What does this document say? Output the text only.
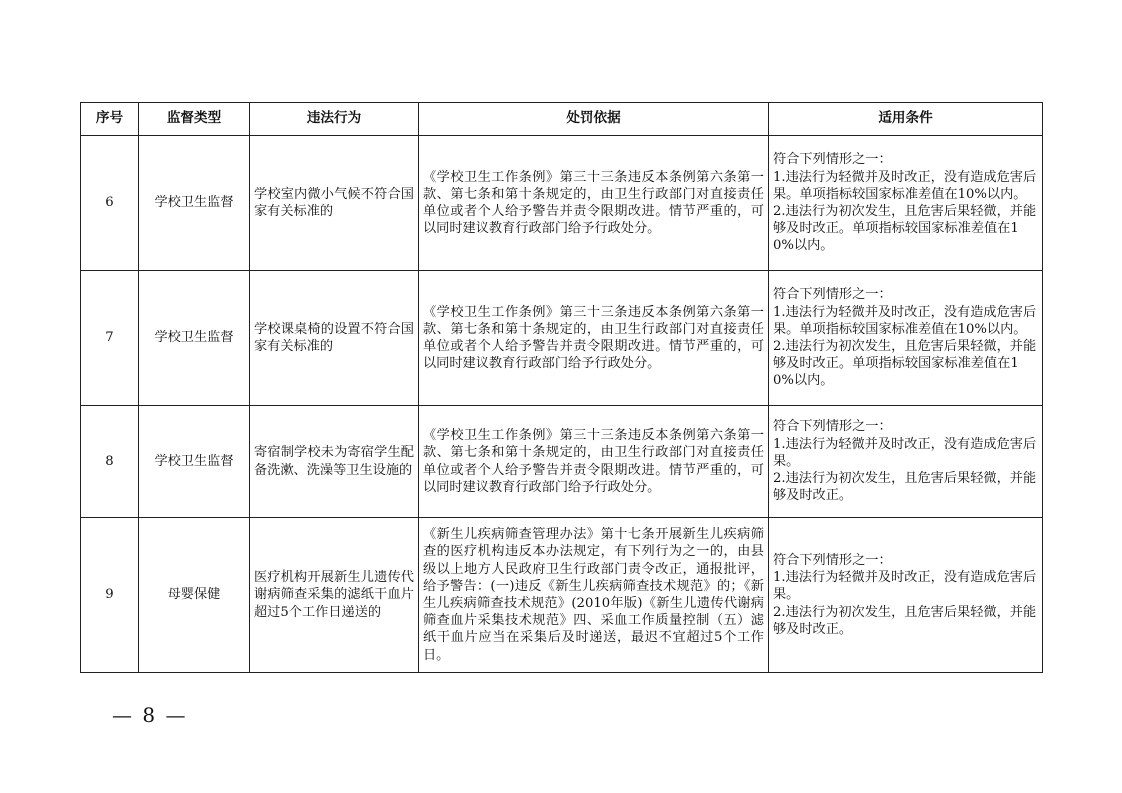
序号	监督类型	违法行为	处罚依据	适用条件
6	学校卫生监督	学校室内微小气候不符合国家有关标准的	《学校卫生工作条例》第三十三条违反本条例第六条第一款、第七条和第十条规定的，由卫生行政部门对直接责任单位或者个人给予警告并责令限期改进。情节严重的，可以同时建议教育行政部门给予行政处分。	符合下列情形之一：
1.违法行为轻微并及时改正，没有造成危害后果。单项指标较国家标准差值在10%以内。
2.违法行为初次发生，且危害后果轻微，并能够及时改正。单项指标较国家标准差值在10%以内。
7	学校卫生监督	学校课桌椅的设置不符合国家有关标准的	《学校卫生工作条例》第三十三条违反本条例第六条第一款、第七条和第十条规定的，由卫生行政部门对直接责任单位或者个人给予警告并责令限期改进。情节严重的，可以同时建议教育行政部门给予行政处分。	符合下列情形之一：
1.违法行为轻微并及时改正，没有造成危害后果。单项指标较国家标准差值在10%以内。
2.违法行为初次发生，且危害后果轻微，并能够及时改正。单项指标较国家标准差值在10%以内。
8	学校卫生监督	寄宿制学校未为寄宿学生配备洗漱、洗澡等卫生设施的	《学校卫生工作条例》第三十三条违反本条例第六条第一款、第七条和第十条规定的，由卫生行政部门对直接责任单位或者个人给予警告并责令限期改进。情节严重的，可以同时建议教育行政部门给予行政处分。	符合下列情形之一：
1.违法行为轻微并及时改正，没有造成危害后果。
2.违法行为初次发生，且危害后果轻微，并能够及时改正。
9	母婴保健	医疗机构开展新生儿遗传代谢病筛查采集的滤纸干血片超过5个工作日递送的	《新生儿疾病筛查管理办法》第十七条开展新生儿疾病筛查的医疗机构违反本办法规定，有下列行为之一的，由县级以上地方人民政府卫生行政部门责令改正，通报批评，给予警告：(一)违反《新生儿疾病筛查技术规范》的；《新生儿疾病筛查技术规范》(2010年版)《新生儿遗传代谢病筛查血片采集技术规范》四、采血工作质量控制（五）滤纸干血片应当在采集后及时递送，最迟不宜超过5个工作日。	符合下列情形之一：
1.违法行为轻微并及时改正，没有造成危害后果。
2.违法行为初次发生，且危害后果轻微，并能够及时改正。
— 8 —
